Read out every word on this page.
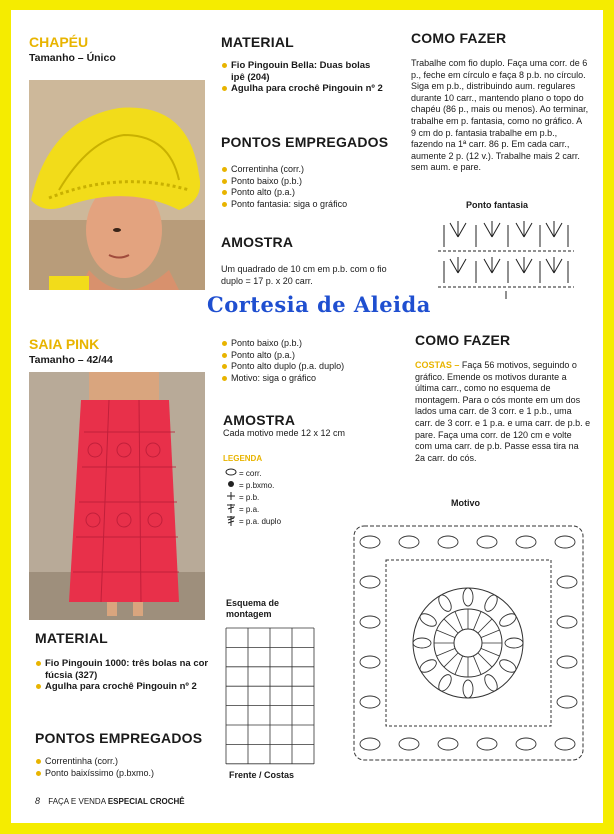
CHAPÉU
Tamanho – Único
MATERIAL
Fio Pingouin Bella: Duas bolas ipê (204)
Agulha para crochê Pingouin nº 2
PONTOS EMPREGADOS
Correntinha (corr.)
Ponto baixo (p.b.)
Ponto alto (p.a.)
Ponto fantasia: siga o gráfico
AMOSTRA
Um quadrado de 10 cm em p.b. com o fio duplo = 17 p. x 20 carr.
COMO FAZER
Trabalhe com fio duplo. Faça uma corr. de 6 p., feche em círculo e faça 8 p.b. no círculo. Siga em p.b., distribuindo aum. regulares durante 10 carr., mantendo plano o topo do chapéu (86 p., mais ou menos). Ao terminar, trabalhe em p. fantasia, como no gráfico. A 9 cm do p. fantasia trabalhe em p.b., fazendo na 1ª carr. 86 p. Em cada carr., aumente 2 p. (12 v.). Trabalhe mais 2 carr. sem aum. e pare.
Ponto fantasia
Cortesia de Aleida
SAIA PINK
Tamanho – 42/44
Ponto baixo (p.b.)
Ponto alto (p.a.)
Ponto alto duplo (p.a. duplo)
Motivo: siga o gráfico
AMOSTRA
Cada motivo mede 12 x 12 cm
LEGENDA
= corr.
= p.bxmo.
= p.b.
= p.a.
= p.a. duplo
COMO FAZER
COSTAS – Faça 56 motivos, seguindo o gráfico. Emende os motivos durante a última carr., como no esquema de montagem. Para o cós monte em um dos lados uma carr. de 3 corr. e 1 p.b., uma carr. de 3 corr. e 1 p.a. e uma carr. de p.b. e pare. Faça uma corr. de 120 cm e volte com uma carr. de p.b. Passe essa tira na 2a carr. do cós.
Motivo
Esquema de montagem
Frente / Costas
MATERIAL
Fio Pingouin 1000: três bolas na cor fúcsia (327)
Agulha para crochê Pingouin nº 2
PONTOS EMPREGADOS
Correntinha (corr.)
Ponto baixíssimo (p.bxmo.)
8 FAÇA E VENDA ESPECIAL CROCHÊ
